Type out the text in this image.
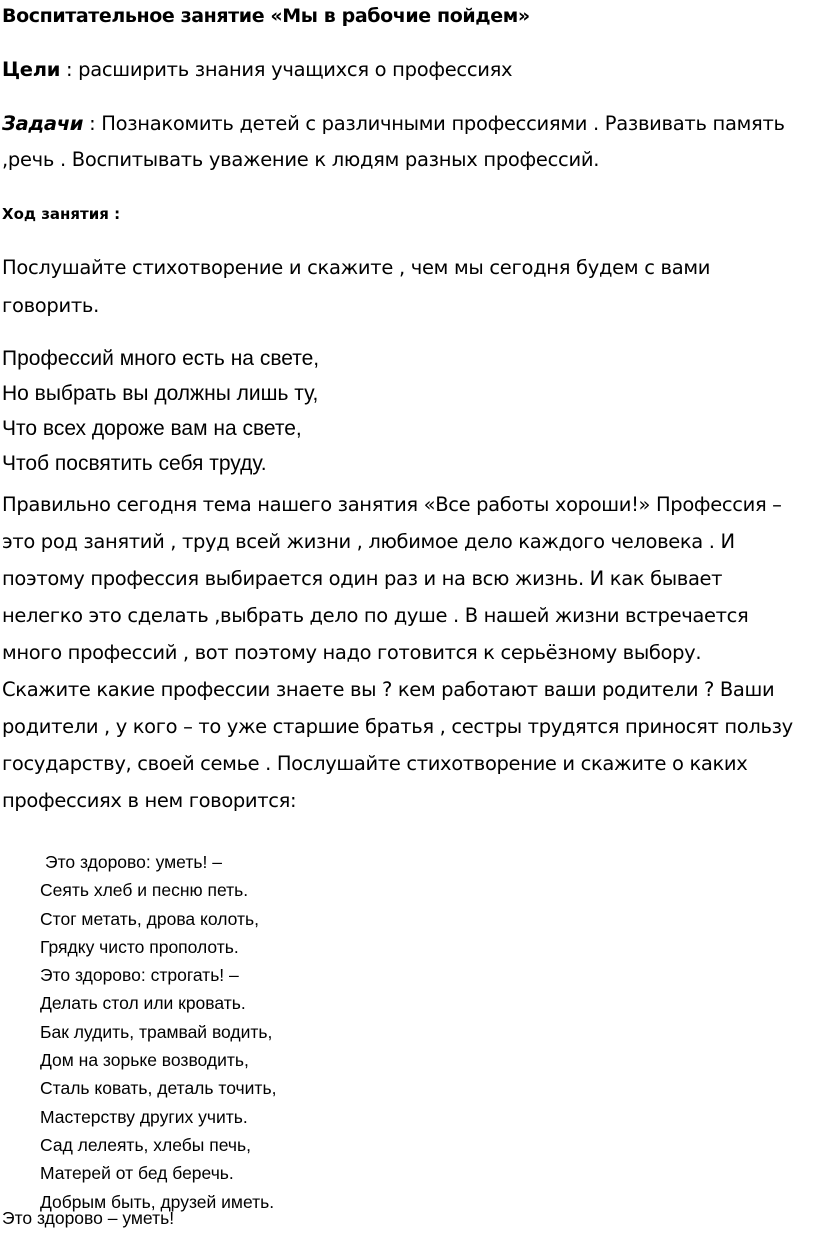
Воспитательное занятие «Мы в рабочие пойдем»

Цели : расширить знания учащихся о профессиях

Задачи : Познакомить детей с различными профессиями . Развивать память

,речь . Воспитывать уважение к людям разных профессий.

Ход занятия :

Послушайте стихотворение и скажите , чем мы сегодня будем с вами

говорить.

Профессий много есть на свете,
Но выбрать вы должны лишь ту,
Что всех дороже вам на свете,
Чтоб посвятить себя труду.
Правильно сегодня тема нашего занятия «Все работы хороши!» Профессия –
это род занятий , труд всей жизни , любимое дело каждого человека . И
поэтому профессия выбирается один раз и на всю жизнь. И как бывает
нелегко это сделать ,выбрать дело по душе . В нашей жизни встречается
много профессий , вот поэтому надо готовится к серьёзному выбору.
Скажите какие профессии знаете вы ? кем работают ваши родители ? Ваши
родители , у кого – то уже старшие братья , сестры трудятся приносят пользу
государству, своей семье . Послушайте стихотворение и скажите о каких
профессиях в нем говорится:
Это здорово: уметь! –
Сеять хлеб и песню петь.
Стог метать, дрова колоть,
Грядку чисто прополоть.
Это здорово: строгать! –
Делать стол или кровать.
Бак лудить, трамвай водить,
Дом на зорьке возводить,
Сталь ковать, деталь точить,
Мастерству других учить.
Сад лелеять, хлебы печь,
Матерей от бед беречь.
Добрым быть, друзей иметь.
Это здорово – уметь!
